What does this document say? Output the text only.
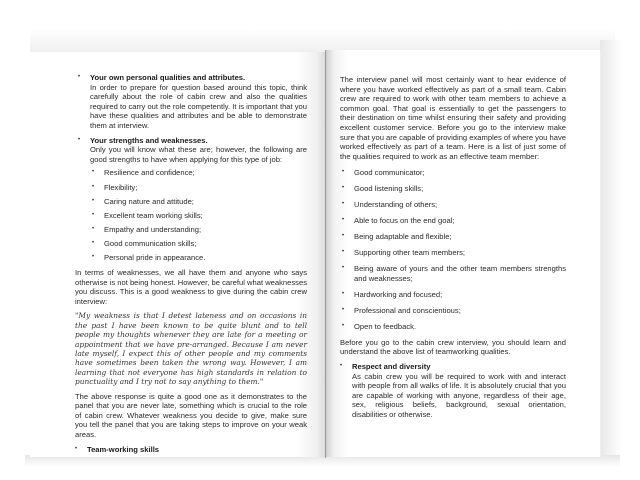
• Your own personal qualities and attributes.
In order to prepare for question based around this topic, think carefully about the role of cabin crew and also the qualities required to carry out the role competently. It is important that you have these qualities and attributes and be able to demonstrate them at interview.
• Your strengths and weaknesses.
Only you will know what these are; however, the following are good strengths to have when applying for this type of job:
• Resilience and confidence;
• Flexibility;
• Caring nature and attitude;
• Excellent team working skills;
• Empathy and understanding;
• Good communication skills;
• Personal pride in appearance.

In terms of weaknesses, we all have them and anyone who says otherwise is not being honest. However, be careful what weaknesses you discuss. This is a good weakness to give during the cabin crew interview:

"My weakness is that I detest lateness and on occasions in the past I have been known to be quite blunt and to tell people my thoughts whenever they are late for a meeting or appointment that we have pre-arranged. Because I am never late myself, I expect this of other people and my comments have sometimes been taken the wrong way. However, I am learning that not everyone has high standards in relation to punctuality and I try not to say anything to them."

The above response is quite a good one as it demonstrates to the panel that you are never late, something which is crucial to the role of cabin crew. Whatever weakness you decide to give, make sure you tell the panel that you are taking steps to improve on your weak areas.

• Team-working skills

The interview panel will most certainly want to hear evidence of where you have worked effectively as part of a small team. Cabin crew are required to work with other team members to achieve a common goal. That goal is essentially to get the passengers to their destination on time whilst ensuring their safety and providing excellent customer service. Before you go to the interview make sure that you are capable of providing examples of where you have worked effectively as part of a team. Here is a list of just some of the qualities required to work as an effective team member:

• Good communicator;
• Good listening skills;
• Understanding of others;
• Able to focus on the end goal;
• Being adaptable and flexible;
• Supporting other team members;
• Being aware of yours and the other team members strengths and weaknesses;
• Hardworking and focused;
• Professional and conscientious;
• Open to feedback.

Before you go to the cabin crew interview, you should learn and understand the above list of teamworking qualities.

• Respect and diversity
As cabin crew you will be required to work with and interact with people from all walks of life. It is absolutely crucial that you are capable of working with anyone, regardless of their age, sex, religious beliefs, background, sexual orientation, disabilities or otherwise.
